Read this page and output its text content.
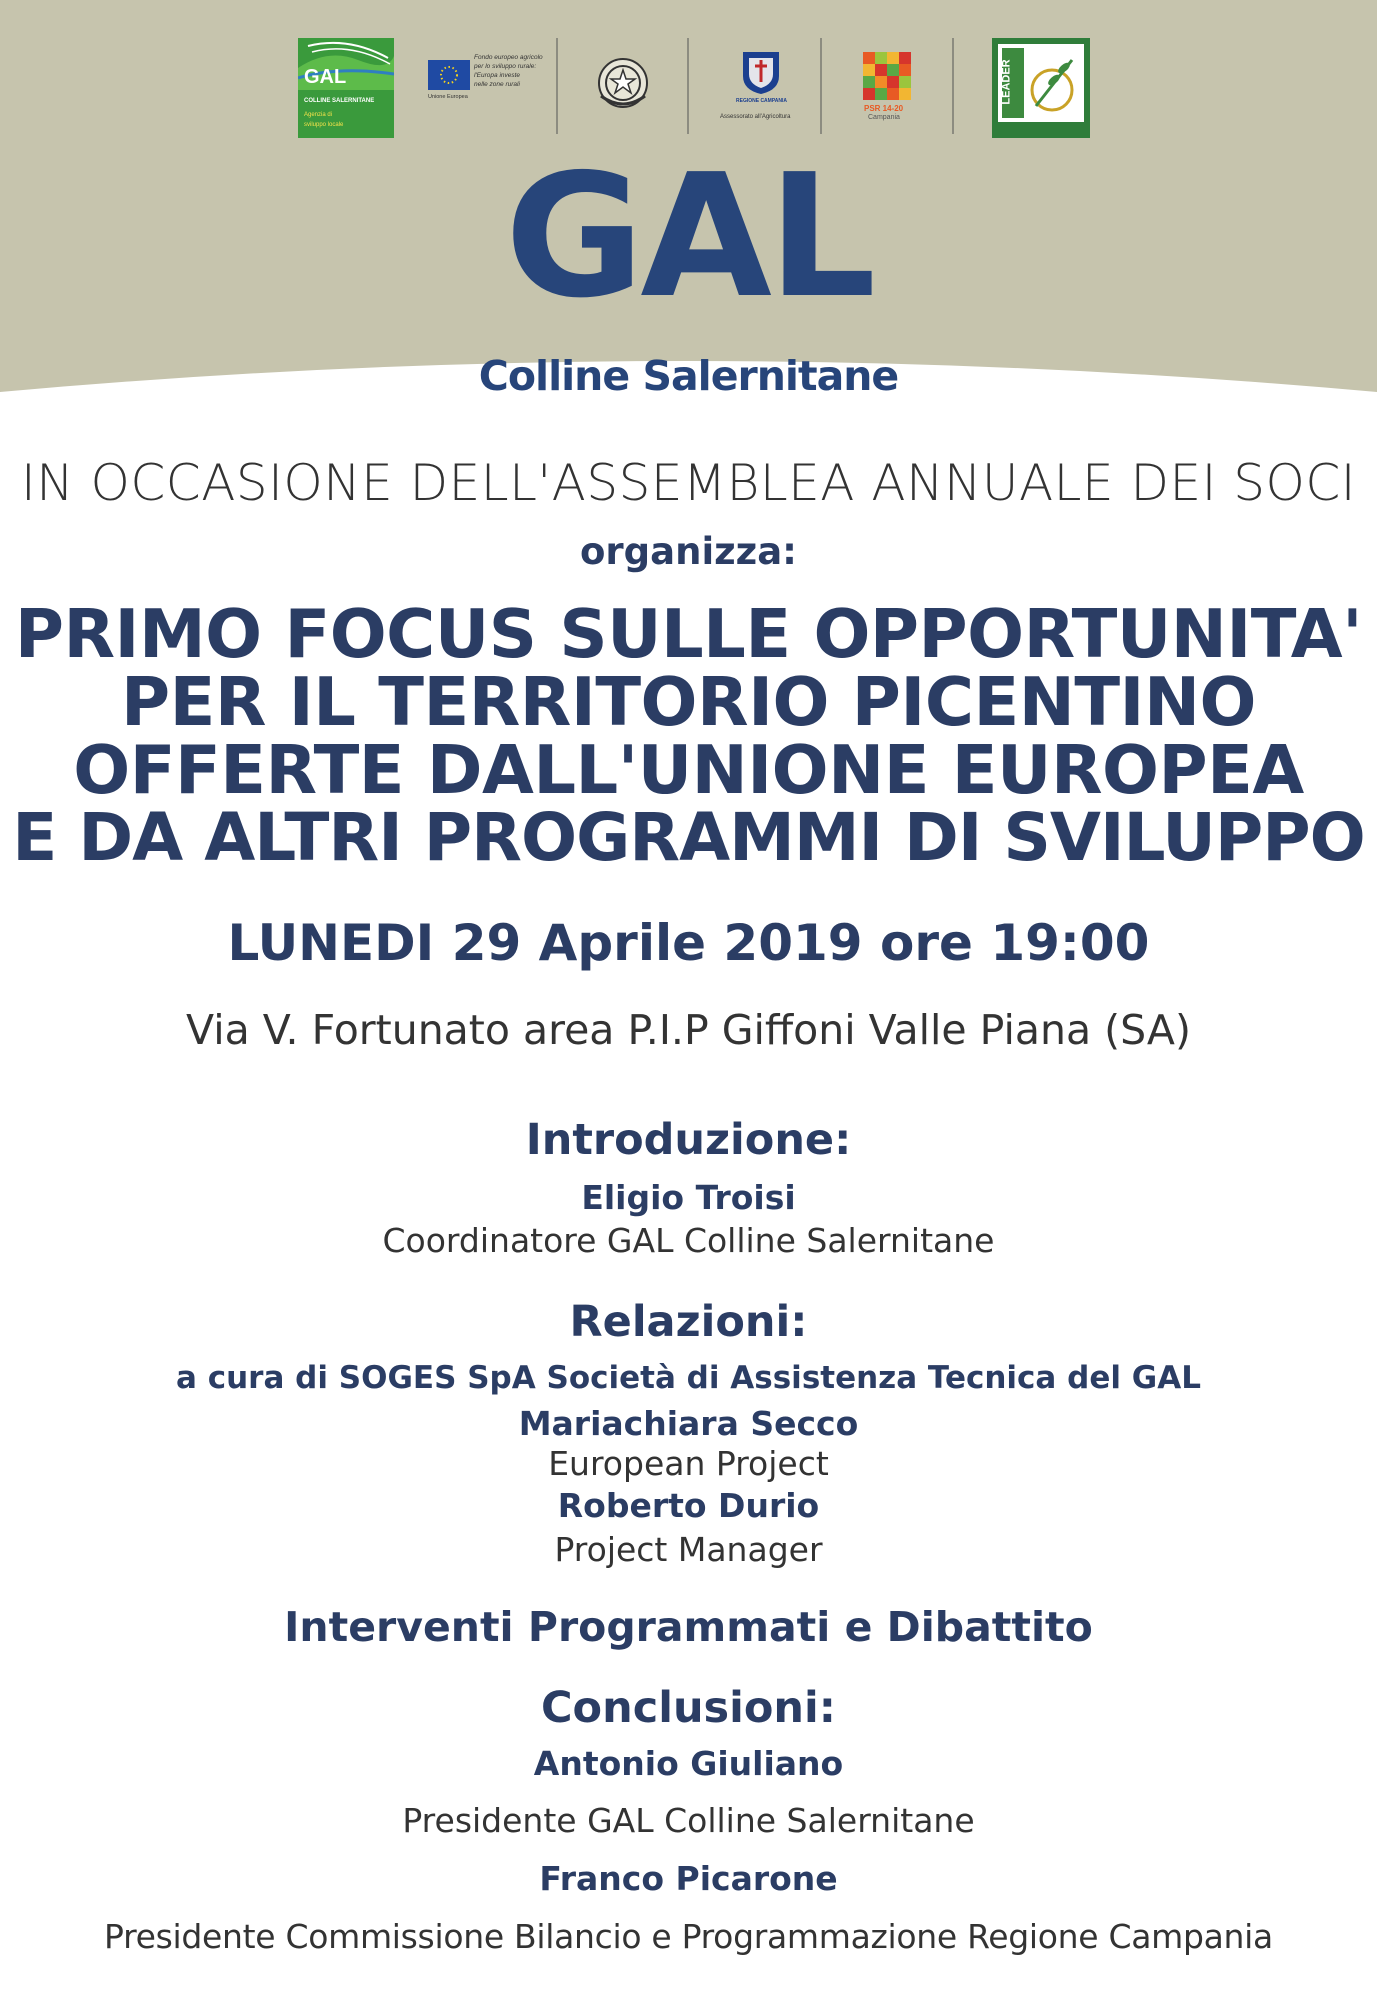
GAL
COLLINE SALERNITANE
Agenzia di
sviluppo locale
Fondo europeo agricolo
per lo sviluppo rurale:
l'Europa investe
nelle zone rurali
Unione Europea
REGIONE CAMPANIA
Assessorato all'Agricoltura
PSR 14-20
Campania
LEADER
GAL
Colline Salernitane
IN OCCASIONE DELL'ASSEMBLEA ANNUALE DEI SOCI
organizza:
PRIMO FOCUS SULLE OPPORTUNITA'
PER IL TERRITORIO PICENTINO
OFFERTE DALL'UNIONE EUROPEA
E DA ALTRI PROGRAMMI DI SVILUPPO
LUNEDI 29 Aprile 2019 ore 19:00
Via V. Fortunato area P.I.P Giffoni Valle Piana (SA)
Introduzione:
Eligio Troisi
Coordinatore GAL Colline Salernitane
Relazioni:
a cura di SOGES SpA Società di Assistenza Tecnica del GAL
Mariachiara Secco
European Project
Roberto Durio
Project Manager
Interventi Programmati e Dibattito
Conclusioni:
Antonio Giuliano
Presidente GAL Colline Salernitane
Franco Picarone
Presidente Commissione Bilancio e Programmazione Regione Campania
